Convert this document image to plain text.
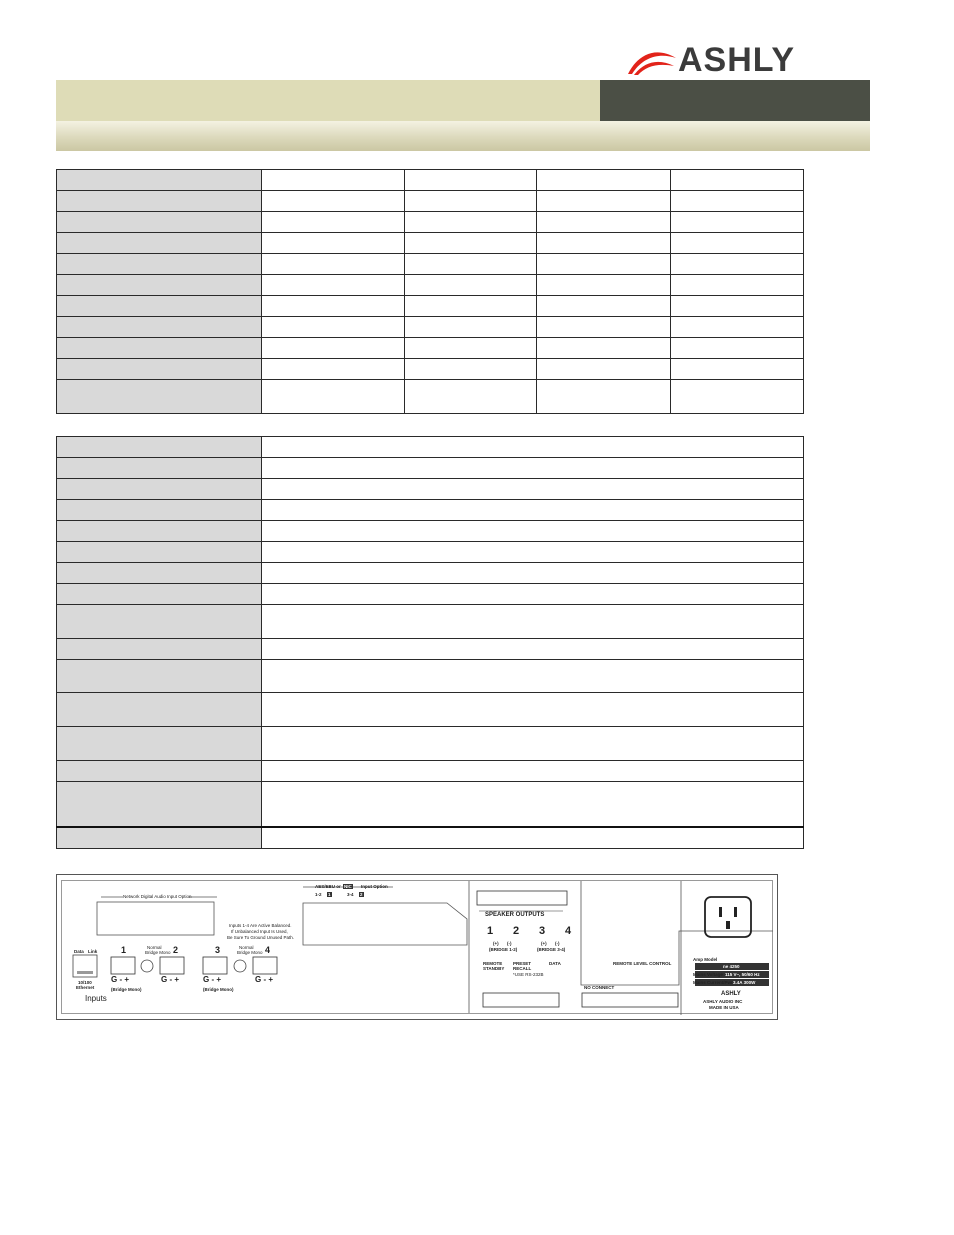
ASHLY

Network Digital Audio Input Option
AES/EBU or NIC Input Option
1-2 1	3-4 2
Inputs 1-4 Are Active Balanced.
If Unbalanced Input Is Used,
Be Sure To Ground Unused Path.
Data Link
10/100
Ethernet
Inputs
1	2	3	4
Normal
Bridge Mono
Normal
Bridge Mono
G - +	G - +	G - +	G - +
(Bridge Mono)	(Bridge Mono)
SPEAKER OUTPUTS
1 2 3 4
(+) (-)	(+) (-)
(BRIDGE 1-2)	(BRIDGE 3-4)
REMOTE STANDBY
PRESET RECALL
*USE RS-232B
DATA
NO CONNECT
REMOTE LEVEL CONTROL
Amp Model
ne 4250
Mains Voltage 115 V~, 50/60 Hz
Mains Current/Pwr 3.4A 300W
ASHLY
ASHLY AUDIO INC
MADE IN USA
